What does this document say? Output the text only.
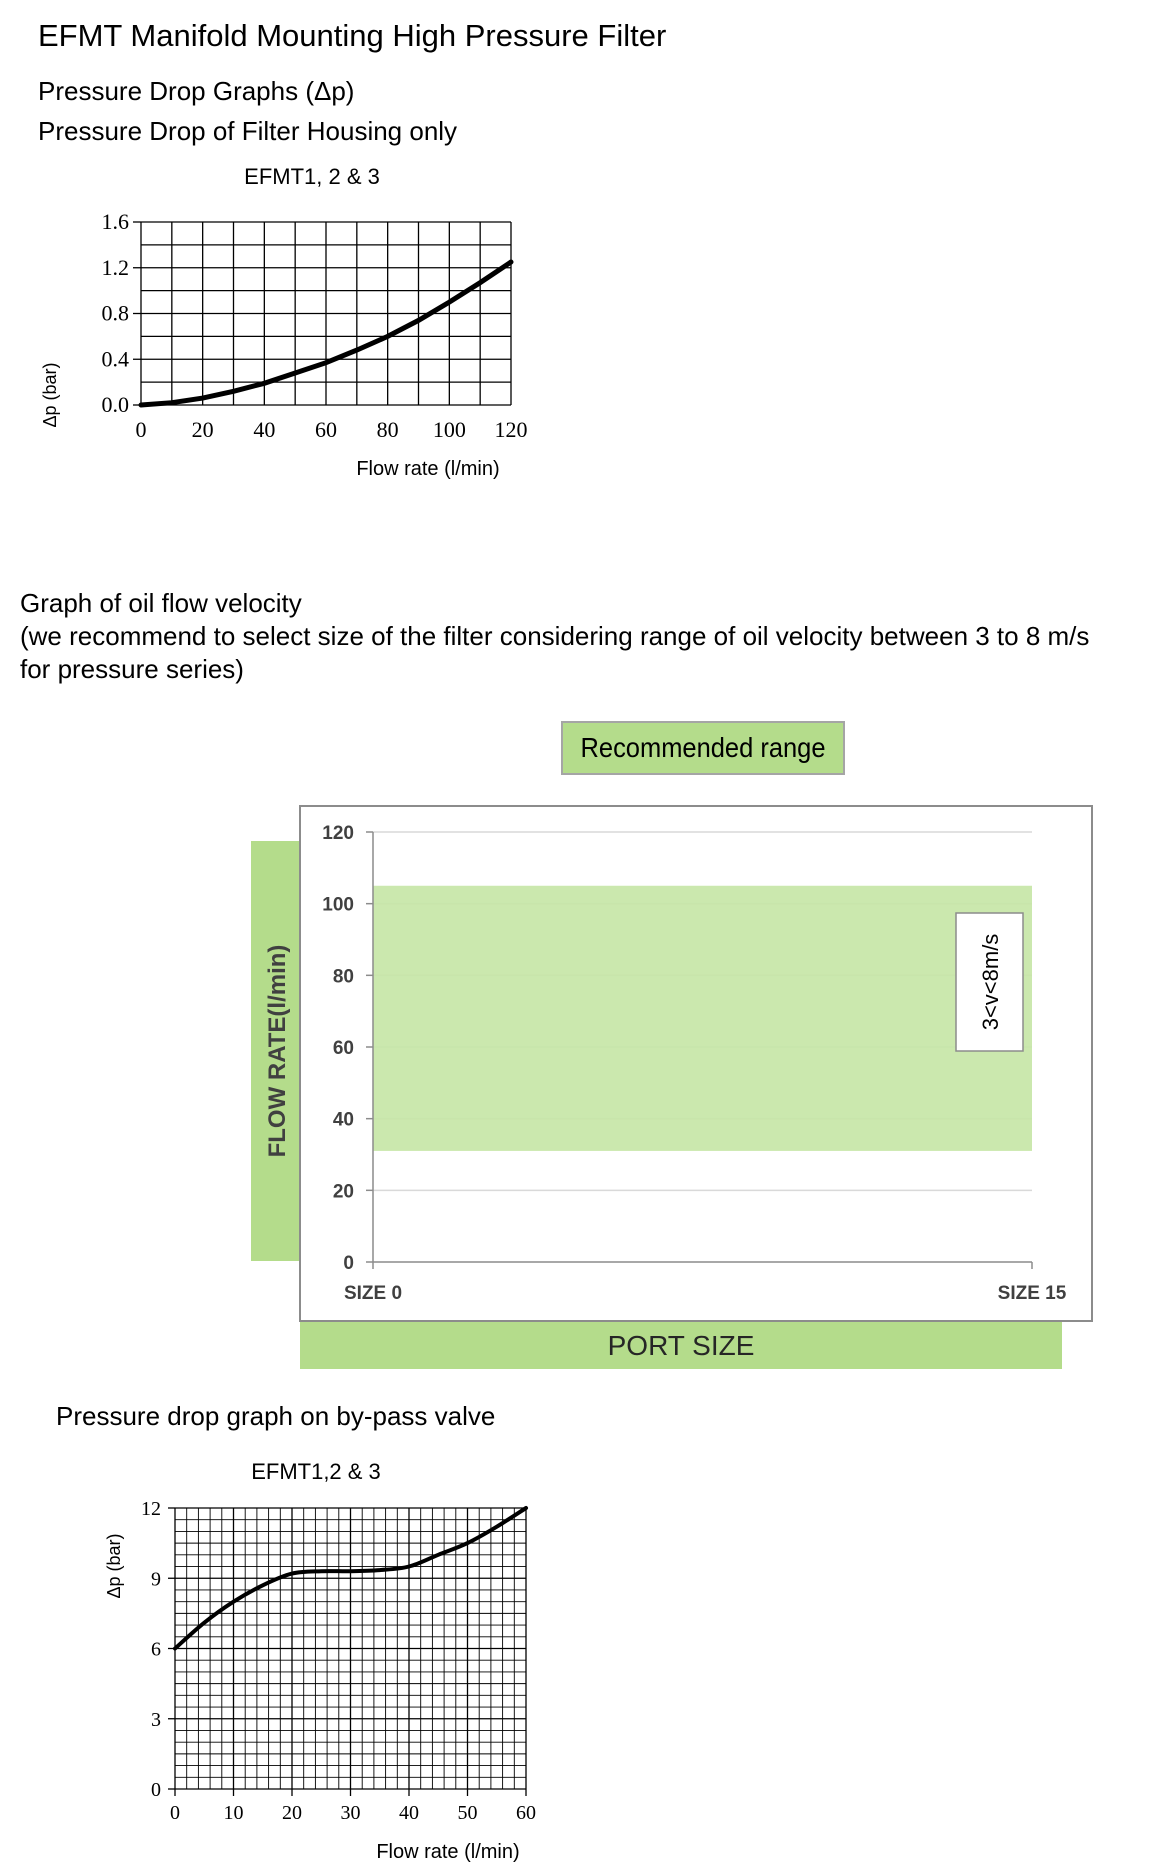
EFMT Manifold Mounting High Pressure Filter
Pressure Drop Graphs (Δp)
Pressure Drop of Filter Housing only
EFMT1, 2 & 3
0.0
0.4
0.8
1.2
1.6
0 20 40 60 80 100 120
Δp (bar)
Flow rate (l/min)
Graph of oil flow velocity
(we recommend to select size of the filter considering range of oil velocity between 3 to 8 m/s
for pressure series)
Recommended range
FLOW RATE(l/min)
PORT SIZE
0
20
40
60
80
100
120
SIZE 0	SIZE 15
3<v<8m/s
Pressure drop graph on by-pass valve
EFMT1,2 & 3
0
3
6
9
12
0 10 20 30 40 50 60
Δp (bar)
Flow rate (l/min)
